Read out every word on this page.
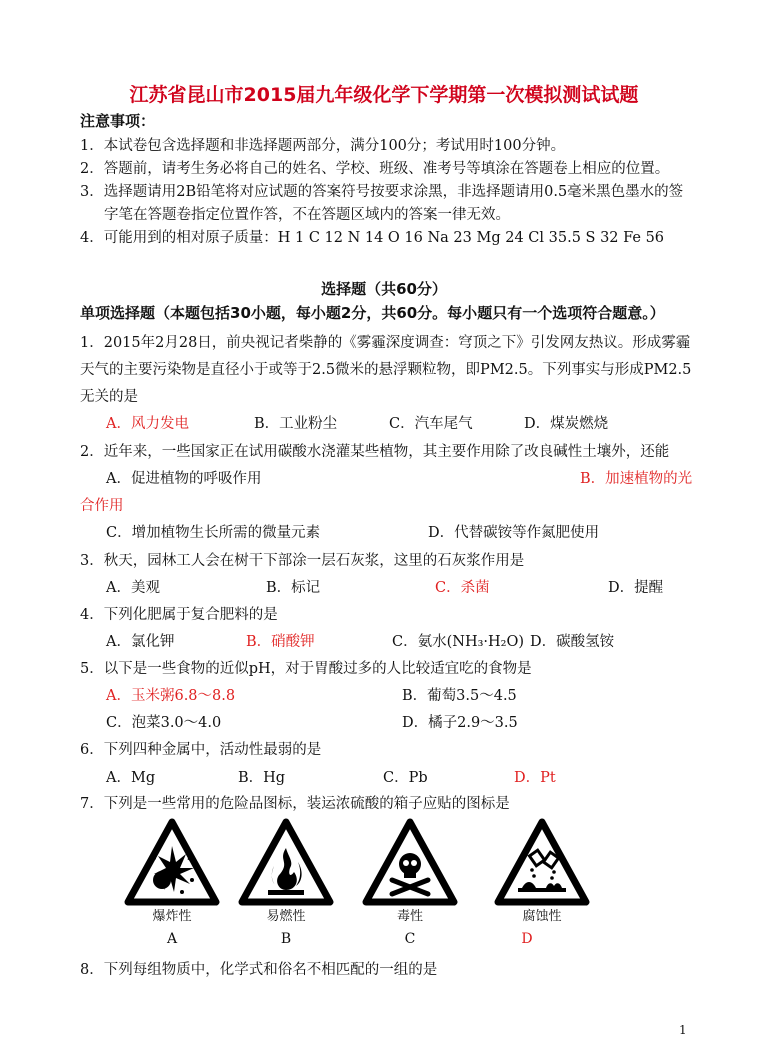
江苏省昆山市2015届九年级化学下学期第一次模拟测试试题
注意事项：
1．本试卷包含选择题和非选择题两部分，满分100分；考试用时100分钟。
2．答题前，请考生务必将自己的姓名、学校、班级、准考号等填涂在答题卷上相应的位置。
3．选择题请用2B铅笔将对应试题的答案符号按要求涂黑，非选择题请用0.5毫米黑色墨水的签
字笔在答题卷指定位置作答，不在答题区域内的答案一律无效。
4．可能用到的相对原子质量：H 1 C 12 N 14 O 16 Na 23 Mg 24 Cl 35.5 S 32 Fe 56
选择题（共60分）
单项选择题（本题包括30小题，每小题2分，共60分。每小题只有一个选项符合题意。）
1．2015年2月28日，前央视记者柴静的《雾霾深度调查：穹顶之下》引发网友热议。形成雾霾
天气的主要污染物是直径小于或等于2.5微米的悬浮颗粒物，即PM2.5。下列事实与形成PM2.5
无关的是
A．风力发电	B．工业粉尘	C．汽车尾气	D．煤炭燃烧
2．近年来，一些国家正在试用碳酸水浇灌某些植物，其主要作用除了改良碱性土壤外，还能
A．促进植物的呼吸作用	B．加速植物的光
合作用
C．增加植物生长所需的微量元素	D．代替碳铵等作氮肥使用
3．秋天，园林工人会在树干下部涂一层石灰浆，这里的石灰浆作用是
A．美观	B．标记	C．杀菌	D．提醒
4．下列化肥属于复合肥料的是
A．氯化钾	B．硝酸钾	C．氨水(NH₃·H₂O) D．碳酸氢铵
5．以下是一些食物的近似pH，对于胃酸过多的人比较适宜吃的食物是
A．玉米粥6.8～8.8	B．葡萄3.5～4.5
C．泡菜3.0～4.0	D．橘子2.9～3.5
6．下列四种金属中，活动性最弱的是
A．Mg	B．Hg	C．Pb	D．Pt
7．下列是一些常用的危险品图标，装运浓硫酸的箱子应贴的图标是
爆炸性
A
易燃性
B
毒性
C
腐蚀性
D
8．下列每组物质中，化学式和俗名不相匹配的一组的是
1
